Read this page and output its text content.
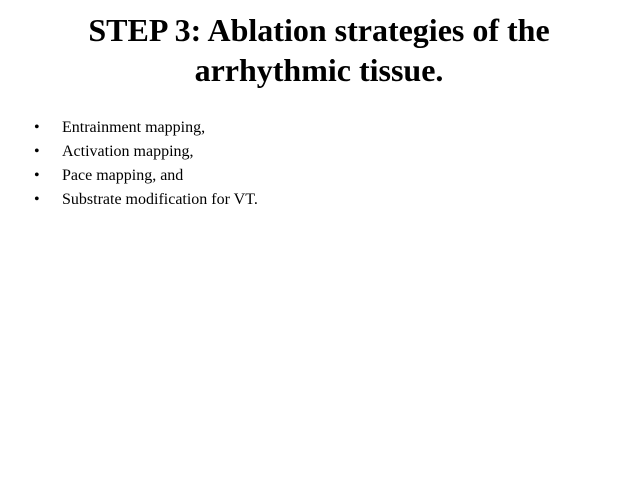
STEP 3: Ablation strategies of the
arrhythmic tissue.
• Entrainment mapping,
• Activation mapping,
• Pace mapping, and
• Substrate modification for VT.
